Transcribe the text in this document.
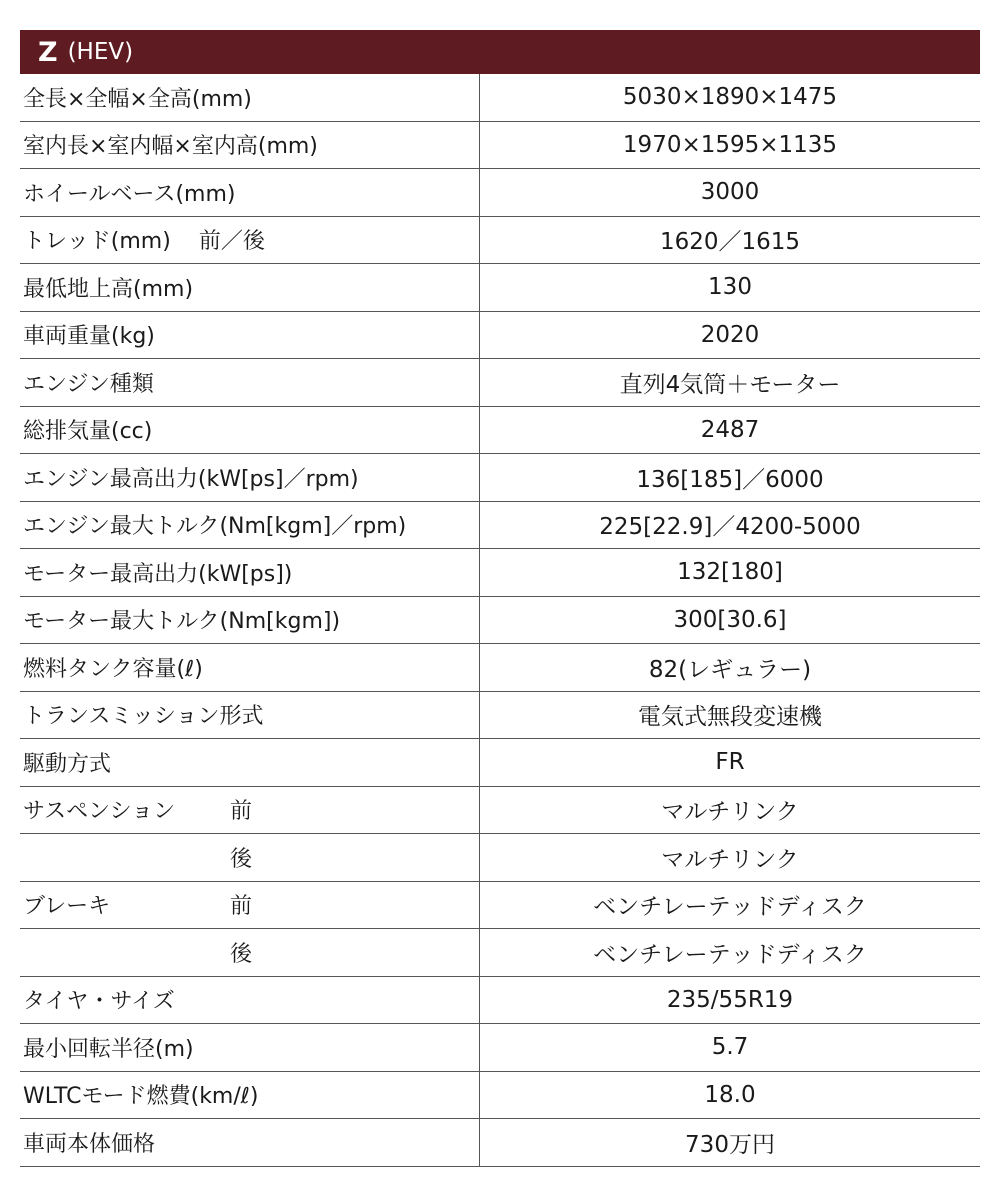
Z (HEV)
全長×全幅×全高(mm)	5030×1890×1475
室内長×室内幅×室内高(mm)	1970×1595×1135
ホイールベース(mm)	3000
トレッド(mm) 前／後	1620／1615
最低地上高(mm)	130
車両重量(kg)	2020
エンジン種類	直列4気筒＋モーター
総排気量(cc)	2487
エンジン最高出力(kW[ps]／rpm)	136[185]／6000
エンジン最大トルク(Nm[kgm]／rpm)	225[22.9]／4200-5000
モーター最高出力(kW[ps])	132[180]
モーター最大トルク(Nm[kgm])	300[30.6]
燃料タンク容量(ℓ)	82(レギュラー)
トランスミッション形式	電気式無段変速機
駆動方式	FR
サスペンション 前	マルチリンク
後	マルチリンク
ブレーキ	前	ベンチレーテッドディスク
後	ベンチレーテッドディスク
タイヤ・サイズ	235/55R19
最小回転半径(m)	5.7
WLTCモード燃費(km/ℓ)	18.0
車両本体価格	730万円
